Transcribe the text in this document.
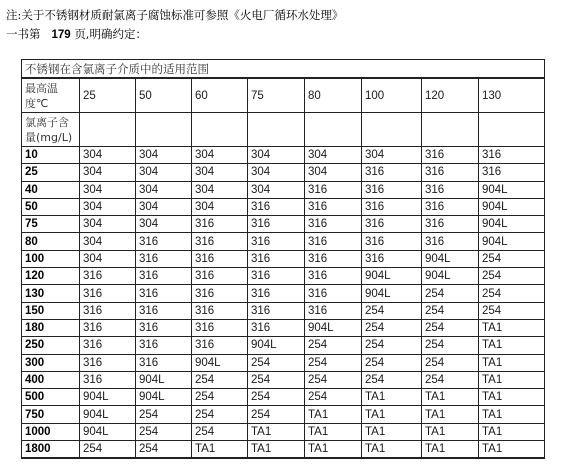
注:关于不锈钢材质耐氯离子腐蚀标准可参照《火电厂循环水处理》
一书第 179 页,明确约定：
不锈钢在含氯离子介质中的适用范围								
最高温度℃	25	50	60	75	80	100	120	130
氯离子含量(mg/L)								
10	304	304	304	304	304	304	316	316
25	304	304	304	304	304	316	316	316
40	304	304	304	304	316	316	316	904L
50	304	304	304	316	316	316	316	904L
75	304	304	316	316	316	316	316	904L
80	304	316	316	316	316	316	316	904L
100	304	316	316	316	316	316	904L	254
120	316	316	316	316	316	904L	904L	254
130	316	316	316	316	316	904L	254	254
150	316	316	316	316	316	254	254	254
180	316	316	316	316	904L	254	254	TA1
250	316	316	316	904L	254	254	254	TA1
300	316	316	904L	254	254	254	254	TA1
400	316	904L	254	254	254	254	254	TA1
500	904L	904L	254	254	254	TA1	TA1	TA1
750	904L	254	254	254	TA1	TA1	TA1	TA1
1000	904L	254	254	TA1	TA1	TA1	TA1	TA1
1800	254	254	TA1	TA1	TA1	TA1	TA1	TA1
